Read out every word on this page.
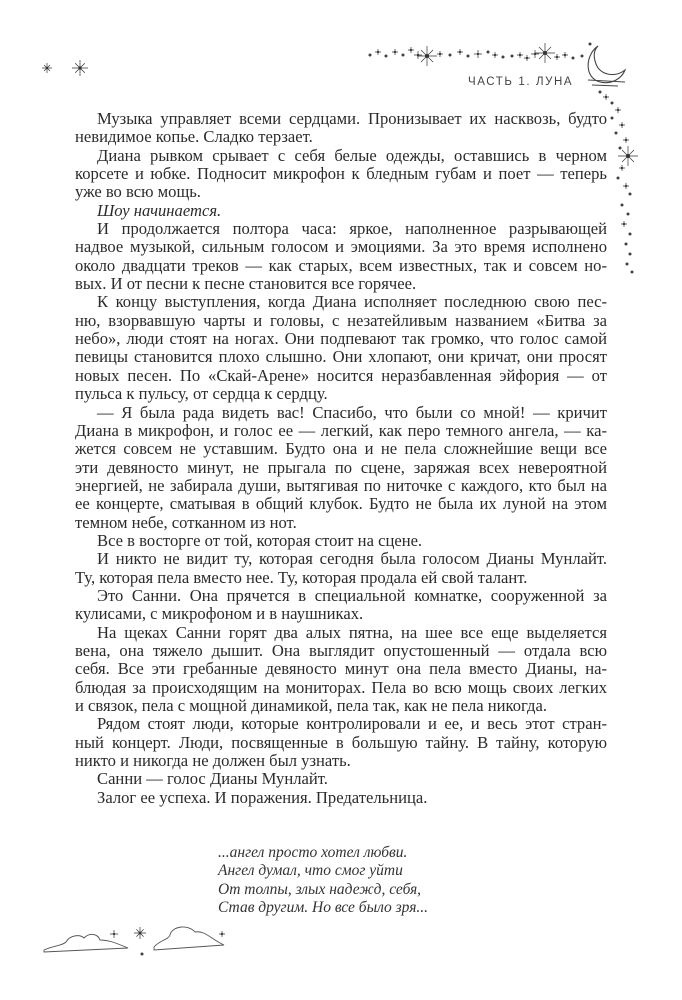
ЧАСТЬ 1. ЛУНА
Музыка управляет всеми сердцами. Пронизывает их насквозь, будто
невидимое копье. Сладко терзает.
Диана рывком срывает с себя белые одежды, оставшись в черном
корсете и юбке. Подносит микрофон к бледным губам и поет — теперь
уже во всю мощь.
Шоу начинается.
И продолжается полтора часа: яркое, наполненное разрывающей
надвое музыкой, сильным голосом и эмоциями. За это время исполнено
около двадцати треков — как старых, всем известных, так и совсем но-
вых. И от песни к песне становится все горячее.
К концу выступления, когда Диана исполняет последнюю свою пес-
ню, взорвавшую чарты и головы, с незатейливым названием «Битва за
небо», люди стоят на ногах. Они подпевают так громко, что голос самой
певицы становится плохо слышно. Они хлопают, они кричат, они просят
новых песен. По «Скай-Арене» носится неразбавленная эйфория — от
пульса к пульсу, от сердца к сердцу.
— Я была рада видеть вас! Спасибо, что были со мной! — кричит
Диана в микрофон, и голос ее — легкий, как перо темного ангела, — ка-
жется совсем не уставшим. Будто она и не пела сложнейшие вещи все
эти девяносто минут, не прыгала по сцене, заряжая всех невероятной
энергией, не забирала души, вытягивая по ниточке с каждого, кто был на
ее концерте, сматывая в общий клубок. Будто не была их луной на этом
темном небе, сотканном из нот.
Все в восторге от той, которая стоит на сцене.
И никто не видит ту, которая сегодня была голосом Дианы Мунлайт.
Ту, которая пела вместо нее. Ту, которая продала ей свой талант.
Это Санни. Она прячется в специальной комнатке, сооруженной за
кулисами, с микрофоном и в наушниках.
На щеках Санни горят два алых пятна, на шее все еще выделяется
вена, она тяжело дышит. Она выглядит опустошенный — отдала всю
себя. Все эти гребанные девяносто минут она пела вместо Дианы, на-
блюдая за происходящим на мониторах. Пела во всю мощь своих легких
и связок, пела с мощной динамикой, пела так, как не пела никогда.
Рядом стоят люди, которые контролировали и ее, и весь этот стран-
ный концерт. Люди, посвященные в большую тайну. В тайну, которую
никто и никогда не должен был узнать.
Санни — голос Дианы Мунлайт.
Залог ее успеха. И поражения. Предательница.
...ангел просто хотел любви.
Ангел думал, что смог уйти
От толпы, злых надежд, себя,
Став другим. Но все было зря...
